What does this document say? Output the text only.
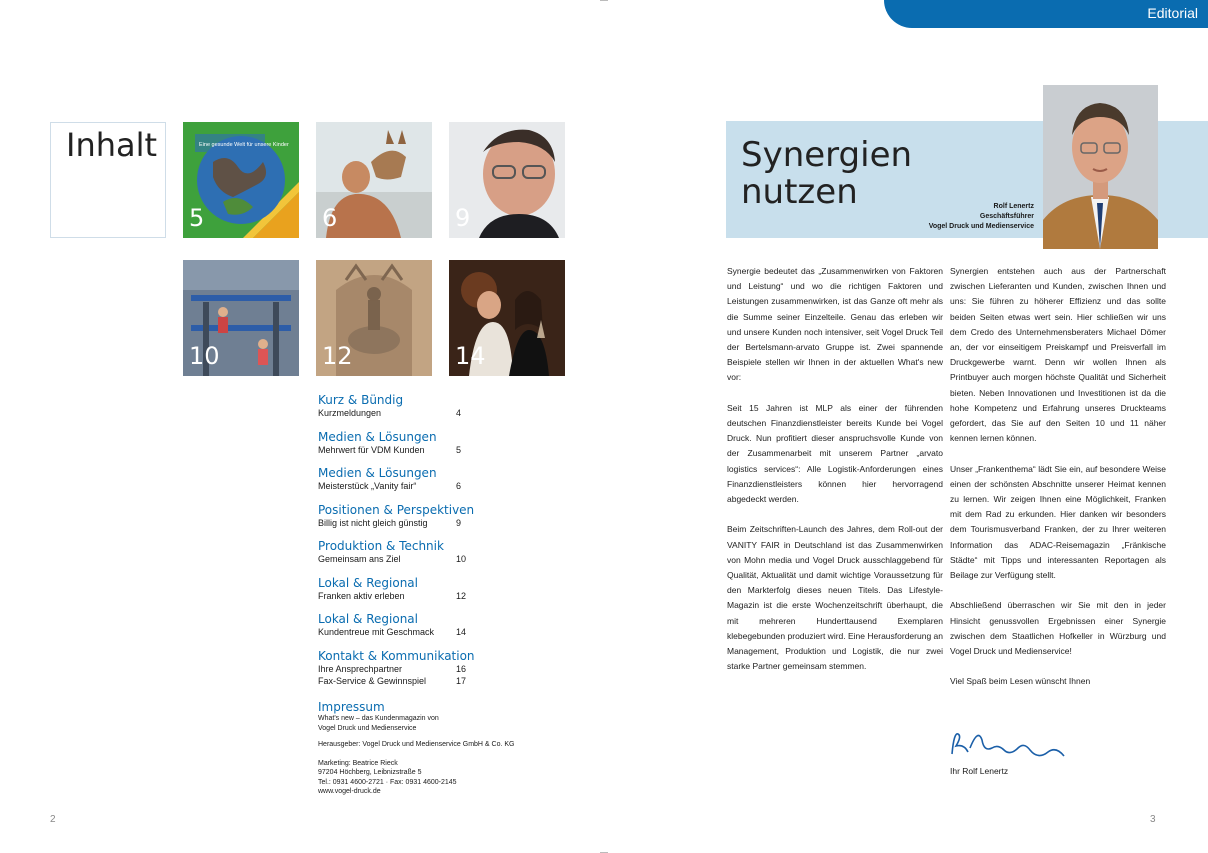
Editorial
Inhalt	Eine gesunde Welt für unsere Kinder
5	6	9
10	12	14
Kurz & Bündig
Kurzmeldungen	4
Medien & Lösungen
Mehrwert für VDM Kunden	5
Medien & Lösungen
Meisterstück „Vanity fair“	6
Positionen & Perspektiven
Billig ist nicht gleich günstig	9
Produktion & Technik
Gemeinsam ans Ziel	10
Lokal & Regional
Franken aktiv erleben	12
Lokal & Regional
Kundentreue mit Geschmack 14
Kontakt & Kommunikation
Ihre Ansprechpartner	16
Fax-Service & Gewinnspiel	17
Impressum
What's new – das Kundenmagazin von
Vogel Druck und Medienservice
Herausgeber: Vogel Druck und Medienservice GmbH & Co. KG
Marketing: Beatrice Rieck
97204 Höchberg, Leibnizstraße 5
Tel.: 0931 4600-2721 · Fax: 0931 4600-2145
www.vogel-druck.de
2
Synergien
nutzen	Rolf Lenertz
Geschäftsführer
Vogel Druck und Medienservice

Synergie bedeutet das „Zusammenwirken von Faktoren und Leistung“ und wo die richtigen Faktoren und Leistungen zusammenwirken, ist das Ganze oft mehr als die Summe seiner Einzelteile. Genau das erleben wir und unsere Kunden noch intensiver, seit Vogel Druck Teil der Bertelsmann-arvato Gruppe ist. Zwei spannende Beispiele stellen wir Ihnen in der aktuellen What's new vor:

Seit 15 Jahren ist MLP als einer der führenden deutschen Finanzdienstleister bereits Kunde bei Vogel Druck. Nun profitiert dieser anspruchsvolle Kunde von der Zusammenarbeit mit unserem Partner „arvato logistics services“: Alle Logistik-Anforderungen eines Finanzdienstleisters können hier hervorragend abgedeckt werden.

Beim Zeitschriften-Launch des Jahres, dem Roll-out der VANITY FAIR in Deutschland ist das Zusammenwirken von Mohn media und Vogel Druck ausschlaggebend für Qualität, Aktualität und damit wichtige Voraussetzung für den Markterfolg dieses neuen Titels. Das Lifestyle-Magazin ist die erste Wochenzeitschrift überhaupt, die mit mehreren Hunderttausend Exemplaren klebegebunden produziert wird. Eine Herausforderung an Management, Produktion und Logistik, die nur zwei starke Partner gemeinsam stemmen.

Synergien entstehen auch aus der Partnerschaft zwischen Lieferanten und Kunden, zwischen Ihnen und uns: Sie führen zu höherer Effizienz und das sollte beiden Seiten etwas wert sein. Hier schließen wir uns dem Credo des Unternehmensberaters Michael Dömer an, der vor einseitigem Preiskampf und Preisverfall im Druckgewerbe warnt. Denn wir wollen Ihnen als Printbuyer auch morgen höchste Qualität und Sicherheit bieten. Neben Innovationen und Investitionen ist da die hohe Kompetenz und Erfahrung unseres Druckteams gefordert, das Sie auf den Seiten 10 und 11 näher kennen lernen können.

Unser „Frankenthema“ lädt Sie ein, auf besondere Weise einen der schönsten Abschnitte unserer Heimat kennen zu lernen. Wir zeigen Ihnen eine Möglichkeit, Franken mit dem Rad zu erkunden. Hier danken wir besonders dem Tourismusverband Franken, der zu Ihrer weiteren Information das ADAC-Reisemagazin „Fränkische Städte“ mit Tipps und interessanten Reportagen als Beilage zur Verfügung stellt.

Abschließend überraschen wir Sie mit den in jeder Hinsicht genussvollen Ergebnissen einer Synergie zwischen dem Staatlichen Hofkeller in Würzburg und Vogel Druck und Medienservice!

Viel Spaß beim Lesen wünscht Ihnen

Ihr Rolf Lenertz
3
